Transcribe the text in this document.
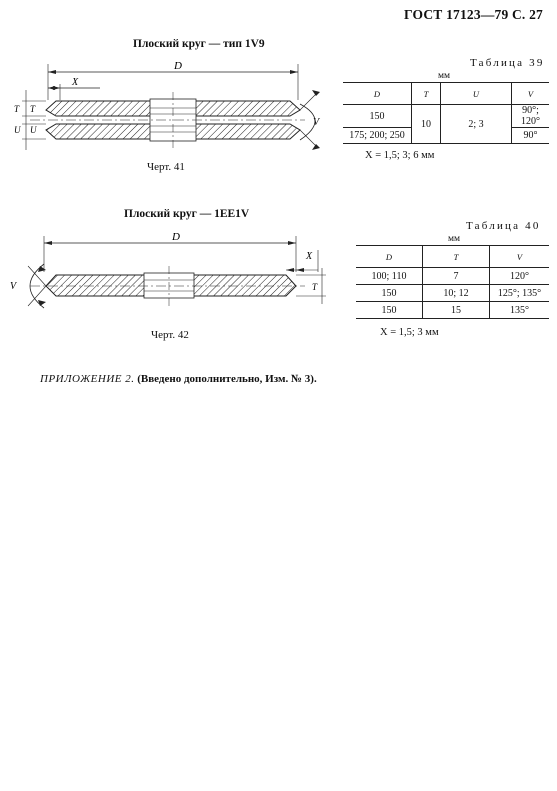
ГОСТ 17123—79 С. 27
Плоский круг — тип 1V9
D
X
T T
U U
V
D
X
T
V
Черт. 41
Таблица 39
мм
D	T	U	V
150	10	2; 3	90°; 120°
175; 200; 250			90°
X = 1,5; 3; 6 мм
Плоский круг — 1EE1V
Черт. 42
Таблица 40
мм
D	T	V
100; 110	7	120°
150	10; 12	125°; 135°
150	15	135°
X = 1,5; 3 мм
ПРИЛОЖЕНИЕ 2. (Введено дополнительно, Изм. № 3).
